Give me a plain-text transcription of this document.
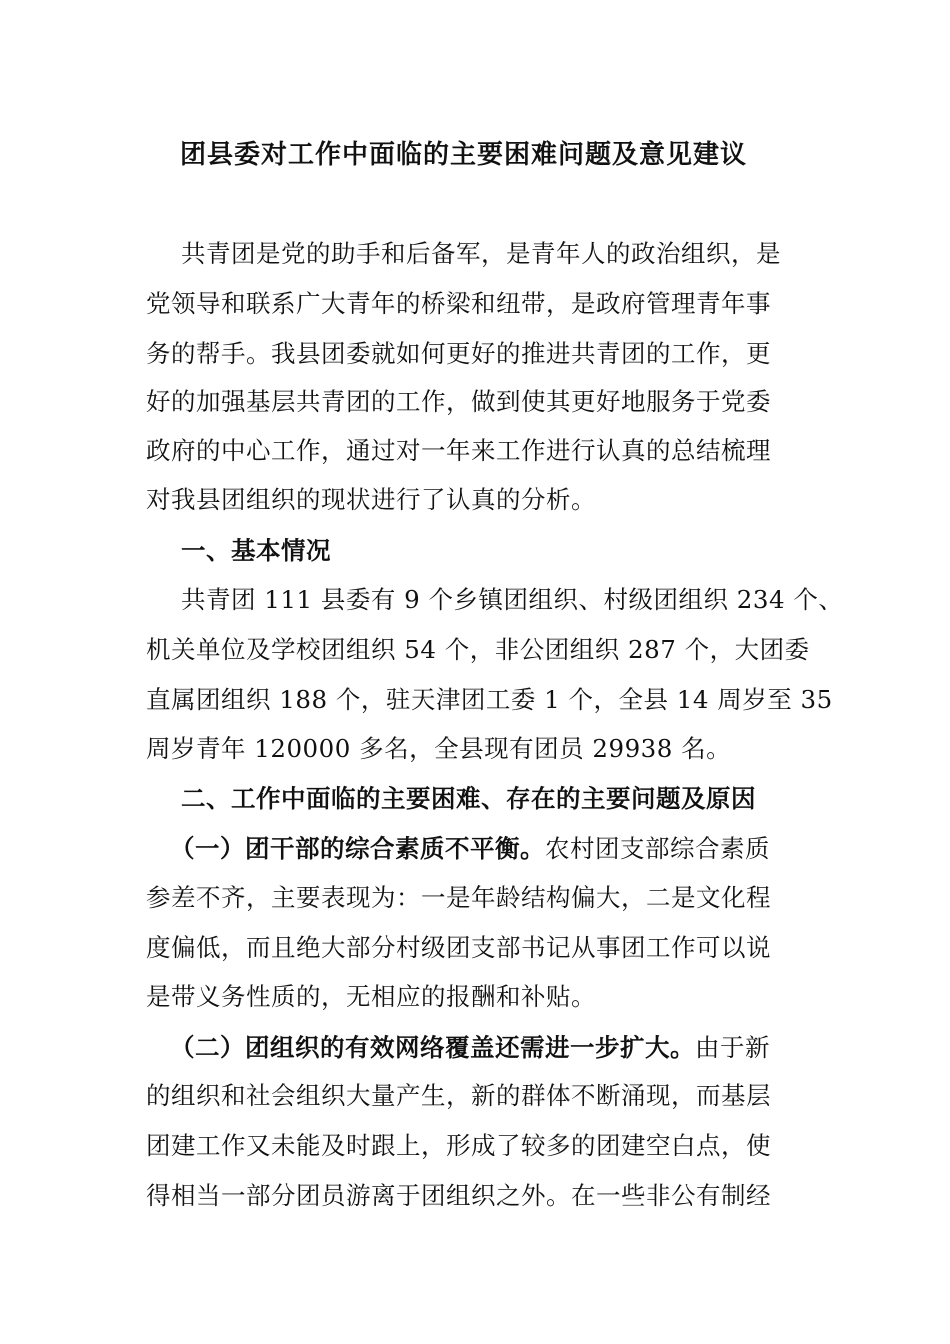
团县委对工作中面临的主要困难问题及意见建议

共青团是党的助手和后备军，是青年人的政治组织，是

党领导和联系广大青年的桥梁和纽带，是政府管理青年事

务的帮手。我县团委就如何更好的推进共青团的工作，更

好的加强基层共青团的工作，做到使其更好地服务于党委

政府的中心工作，通过对一年来工作进行认真的总结梳理

对我县团组织的现状进行了认真的分析。

一、基本情况

共青团 111 县委有 9 个乡镇团组织、村级团组织 234 个、

机关单位及学校团组织 54 个，非公团组织 287 个，大团委

直属团组织 188 个，驻天津团工委 1 个，全县 14 周岁至 35

周岁青年 120000 多名，全县现有团员 29938 名。

二、工作中面临的主要困难、存在的主要问题及原因

（一）团干部的综合素质不平衡。农村团支部综合素质

参差不齐，主要表现为：一是年龄结构偏大，二是文化程

度偏低，而且绝大部分村级团支部书记从事团工作可以说

是带义务性质的，无相应的报酬和补贴。

（二）团组织的有效网络覆盖还需进一步扩大。由于新

的组织和社会组织大量产生，新的群体不断涌现，而基层

团建工作又未能及时跟上，形成了较多的团建空白点，使

得相当一部分团员游离于团组织之外。在一些非公有制经
